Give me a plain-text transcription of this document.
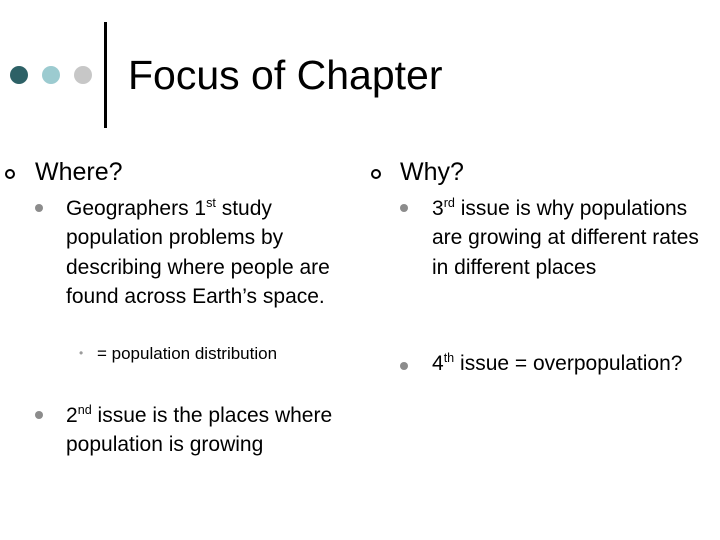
Focus of Chapter
Where?
Geographers 1st study population problems by describing where people are found across Earth’s space.
• = population distribution
2nd issue is the places where population is growing
Why?
3rd issue is why populations are growing at different rates in different places
4th issue = overpopulation?
